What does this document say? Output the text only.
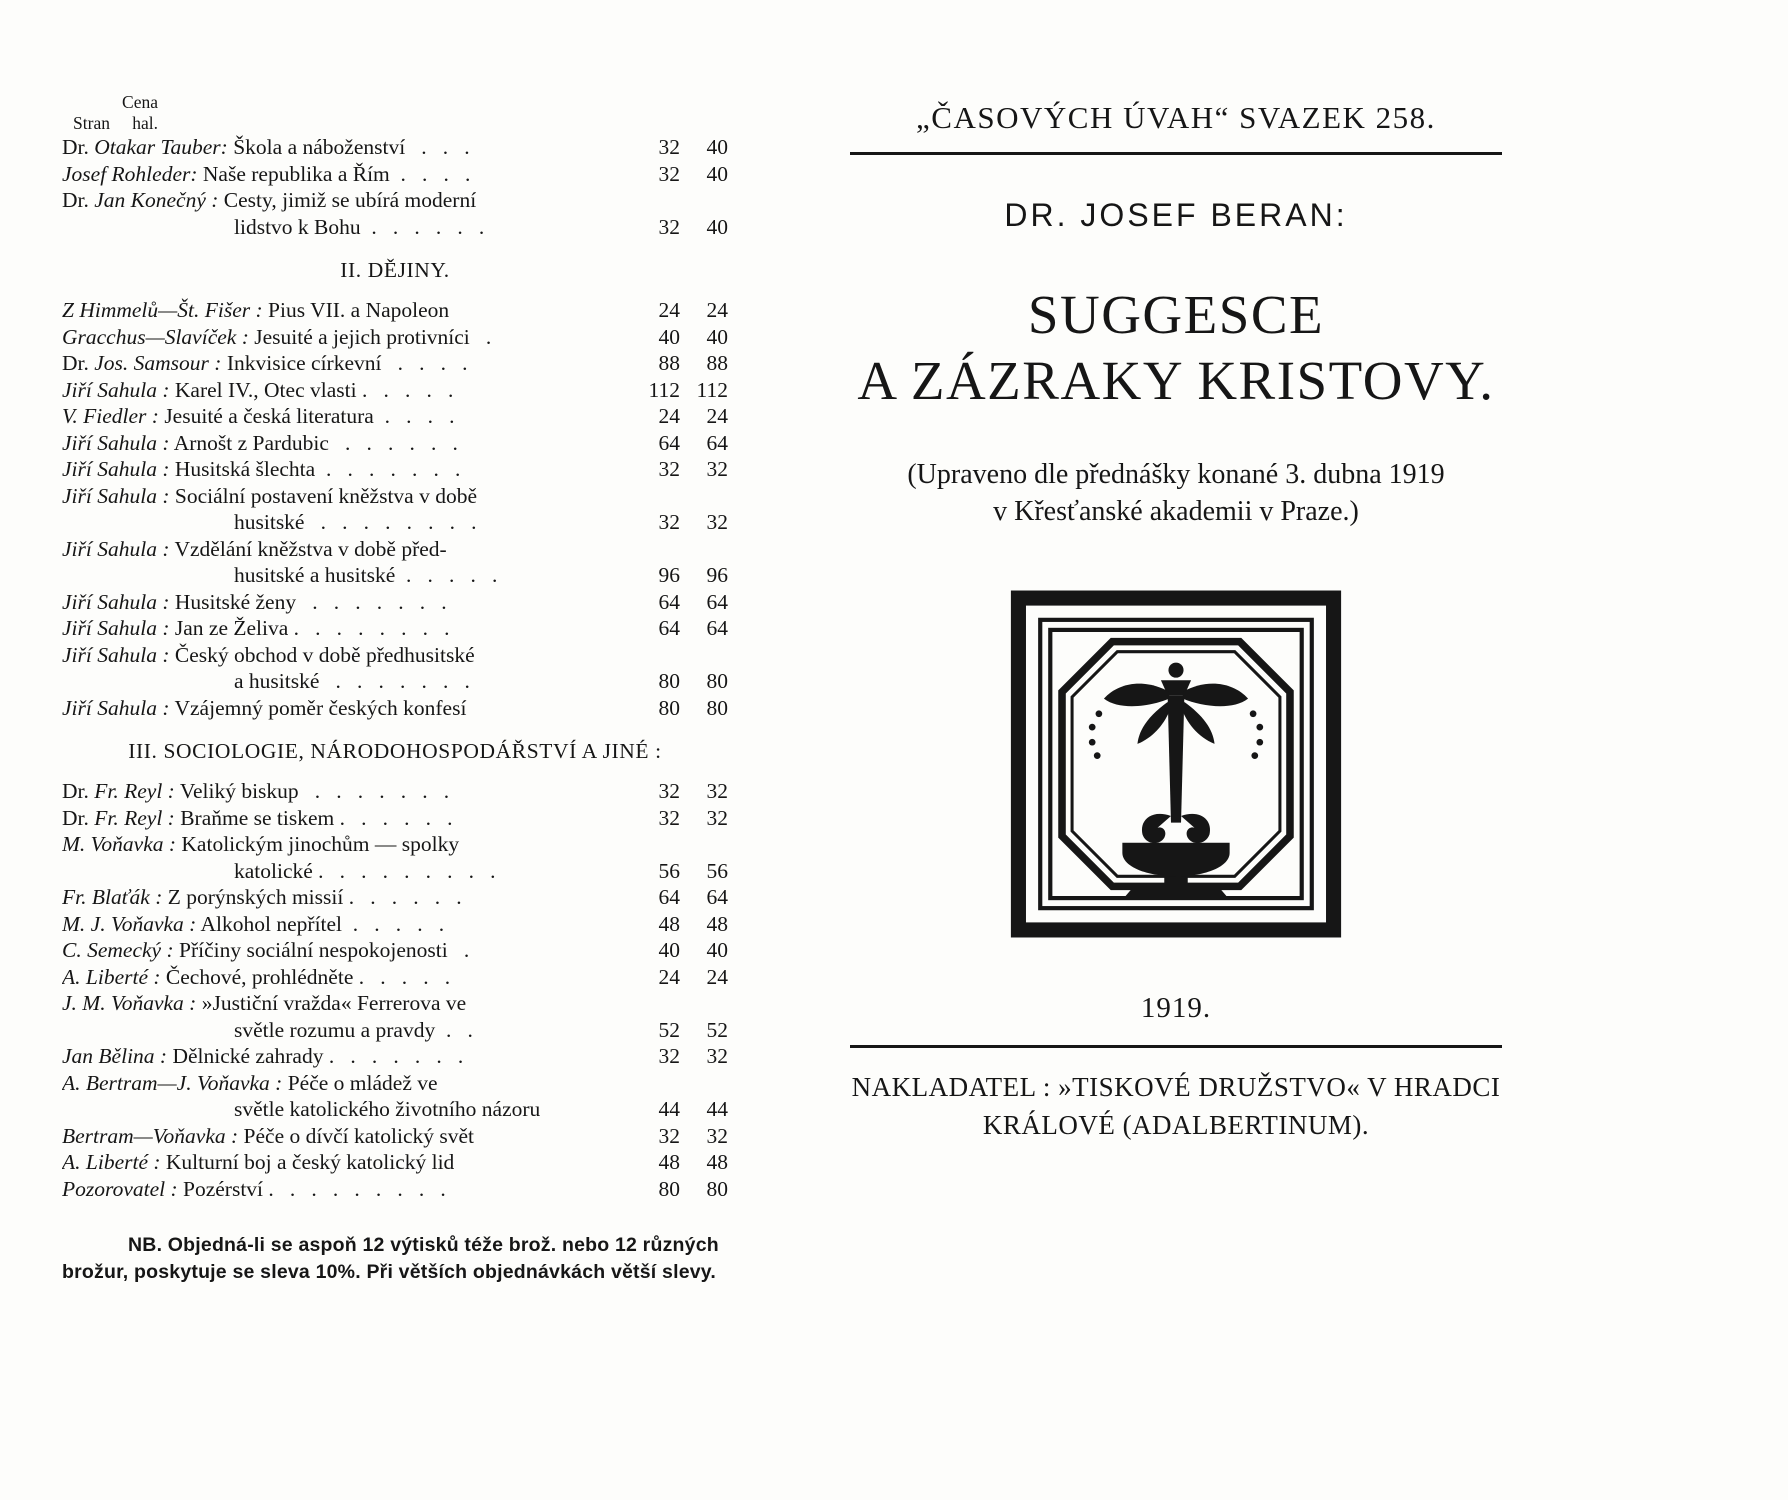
Cena
Stran	hal.
Dr. Otakar Tauber: Škola a náboženství   .   .   .	32	40
Josef Rohleder: Naše republika a Řím  .   .   .   .	32	40
Dr. Jan Konečný : Cesty, jimiž se ubírá moderní
lidstvo k Bohu  .   .   .   .   .   .	32	40
II. DĚJINY.
Z Himmelů—Št. Fišer : Pius VII. a Napoleon	24	24
Gracchus—Slavíček : Jesuité a jejich protivníci   .	40	40
Dr. Jos. Samsour : Inkvisice církevní   .   .   .   .	88	88
Jiří Sahula : Karel IV., Otec vlasti .   .   .   .   .	112 112
V. Fiedler : Jesuité a česká literatura  .   .   .   .	24	24
Jiří Sahula : Arnošt z Pardubic   .   .   .   .   .   .	64	64
Jiří Sahula : Husitská šlechta  .   .   .   .   .   .   .	32	32
Jiří Sahula : Sociální postavení kněžstva v době
husitské   .   .   .   .   .   .   .   .	32	32
Jiří Sahula : Vzdělání kněžstva v době před-
husitské a husitské  .   .   .   .   .	96	96
Jiří Sahula : Husitské ženy   .   .   .   .   .   .   .	64	64
Jiří Sahula : Jan ze Želiva .   .   .   .   .   .   .   .	64	64
Jiří Sahula : Český obchod v době předhusitské
a husitské   .   .   .   .   .   .   .	80	80
Jiří Sahula : Vzájemný poměr českých konfesí	80	80
III. SOCIOLOGIE, NÁRODOHOSPODÁŘSTVÍ A JINÉ :
Dr. Fr. Reyl : Veliký biskup   .   .   .   .   .   .   .	32	32
Dr. Fr. Reyl : Braňme se tiskem .   .   .   .   .   .	32	32
M. Voňavka : Katolickým jinochům — spolky
katolické .   .   .   .   .   .   .   .   .	56	56
Fr. Blaťák : Z porýnských missií .   .   .   .   .   .	64	64
M. J. Voňavka : Alkohol nepřítel  .   .   .   .   .	48	48
C. Semecký : Příčiny sociální nespokojenosti   .	40	40
A. Liberté : Čechové, prohlédněte .   .   .   .   .	24	24
J. M. Voňavka : »Justiční vražda« Ferrerova ve
světle rozumu a pravdy  .   .	52	52
Jan Bělina : Dělnické zahrady .   .   .   .   .   .   .	32	32
A. Bertram—J. Voňavka : Péče o mládež ve
světle katolického životního názoru	44	44
Bertram—Voňavka : Péče o dívčí katolický svět	32	32
A. Liberté : Kulturní boj a český katolický lid	48	48
Pozorovatel : Pozérství .   .   .   .   .   .   .   .   .	80	80
NB. Objedná-li se aspoň 12 výtisků téže brož. nebo 12 různých
brožur, poskytuje se sleva 10%. Při větších objednávkách větší slevy.
„ČASOVÝCH ÚVAH“ SVAZEK 258.
DR. JOSEF BERAN:
SUGGESCE
A ZÁZRAKY KRISTOVY.
(Upraveno dle přednášky konané 3. dubna 1919
v Křesťanské akademii v Praze.)
1919.
NAKLADATEL : »TISKOVÉ DRUŽSTVO« V HRADCI
KRÁLOVÉ (ADALBERTINUM).
